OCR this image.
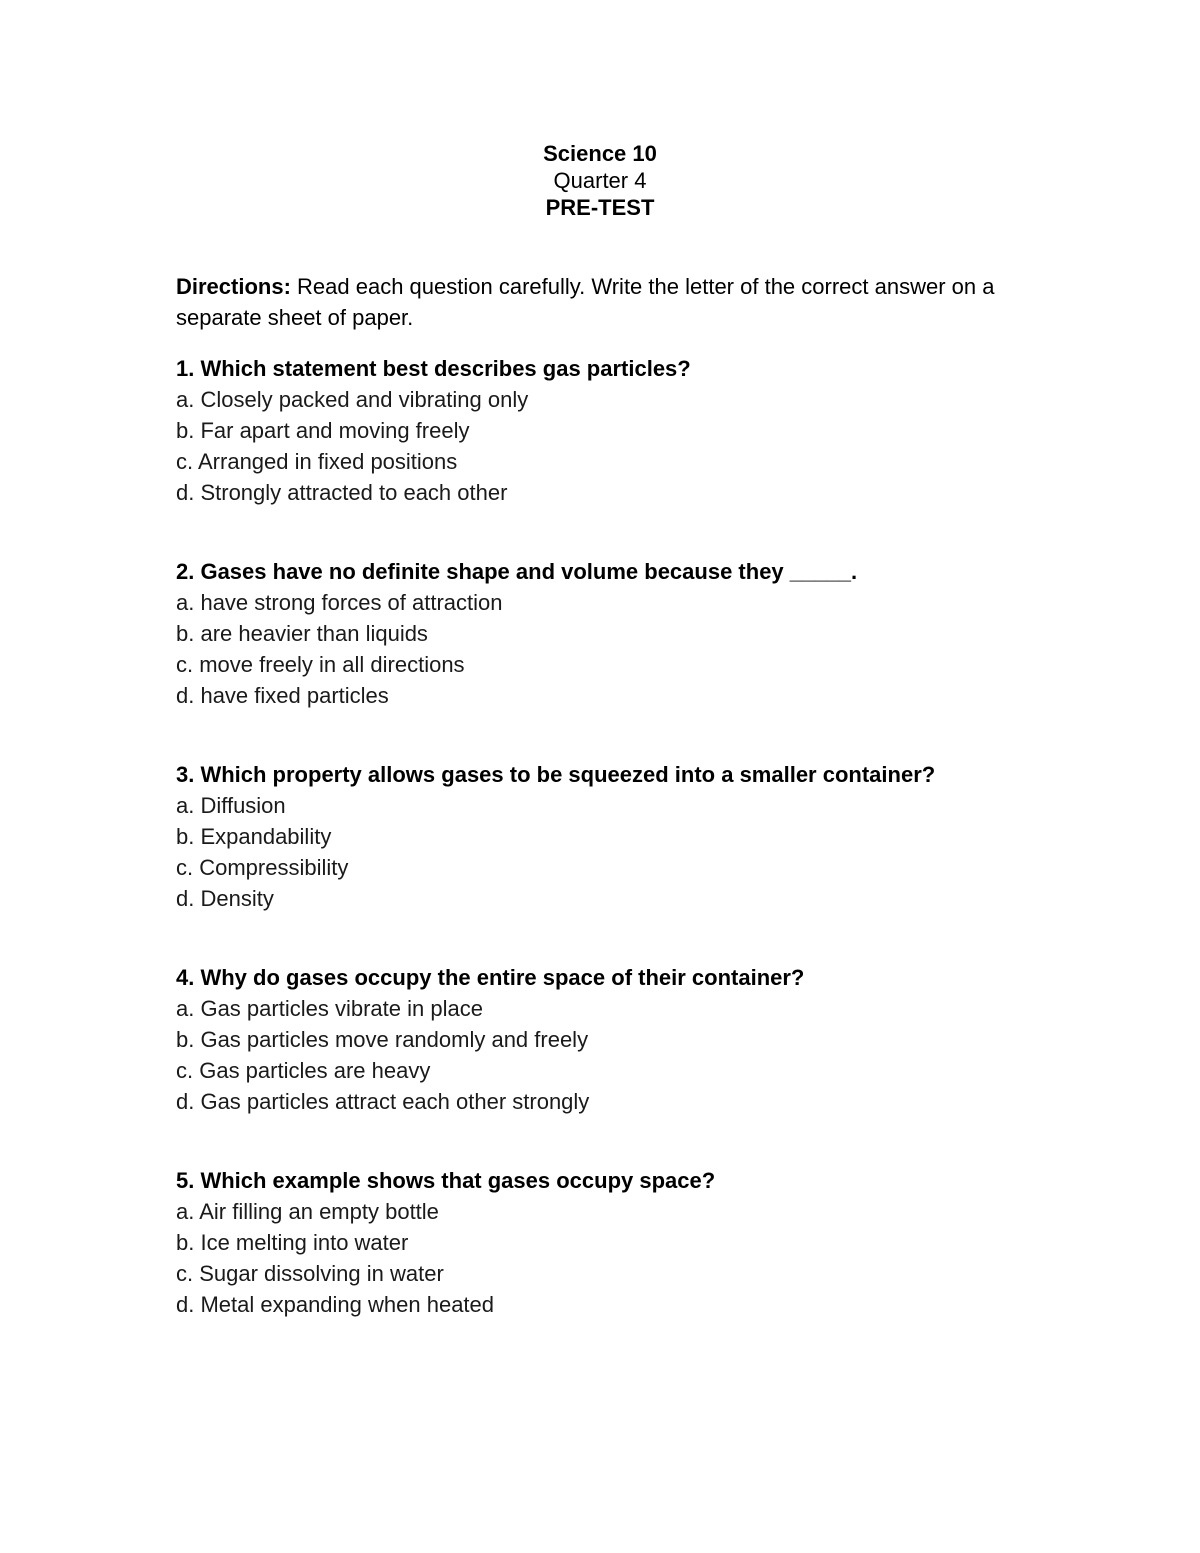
Science 10
Quarter 4
PRE-TEST
Directions: Read each question carefully. Write the letter of the correct answer on a separate sheet of paper.
1. Which statement best describes gas particles?
a. Closely packed and vibrating only
b. Far apart and moving freely
c. Arranged in fixed positions
d. Strongly attracted to each other
2. Gases have no definite shape and volume because they _____.
a. have strong forces of attraction
b. are heavier than liquids
c. move freely in all directions
d. have fixed particles
3. Which property allows gases to be squeezed into a smaller container?
a. Diffusion
b. Expandability
c. Compressibility
d. Density
4. Why do gases occupy the entire space of their container?
a. Gas particles vibrate in place
b. Gas particles move randomly and freely
c. Gas particles are heavy
d. Gas particles attract each other strongly
5. Which example shows that gases occupy space?
a. Air filling an empty bottle
b. Ice melting into water
c. Sugar dissolving in water
d. Metal expanding when heated
